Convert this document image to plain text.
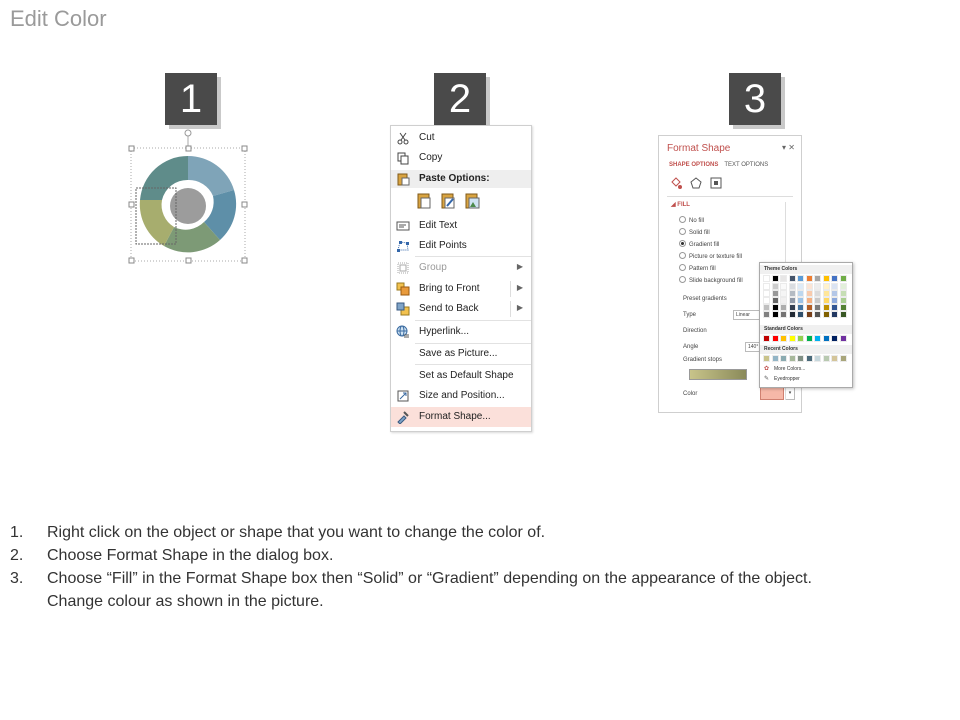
Edit Color
1	2	3
Cut
Copy
Paste Options:
Edit Text
Edit Points
Group	▶
Bring to Front	▶
Send to Back	▶
Hyperlink...
Save as Picture...
Set as Default Shape
Size and Position...
Format Shape...
Format Shape	▾ ✕
SHAPE OPTIONS TEXT OPTIONS
◢ FILL
No fill
Solid fill
Gradient fill
Picture or texture fill
Pattern fill
Slide background fill
Preset gradients
Type	Linear
Direction
Angle	140°
Gradient stops
Color	▾
Theme Colors
Standard Colors
Recent Colors
More Colors...
✿
Eyedropper
✎
1. Right click on the object or shape that you want to change the color of.
2. Choose Format Shape in the dialog box.
3. Choose “Fill” in the Format Shape box then “Solid” or “Gradient” depending on the appearance of the object.
Change colour as shown in the picture.
